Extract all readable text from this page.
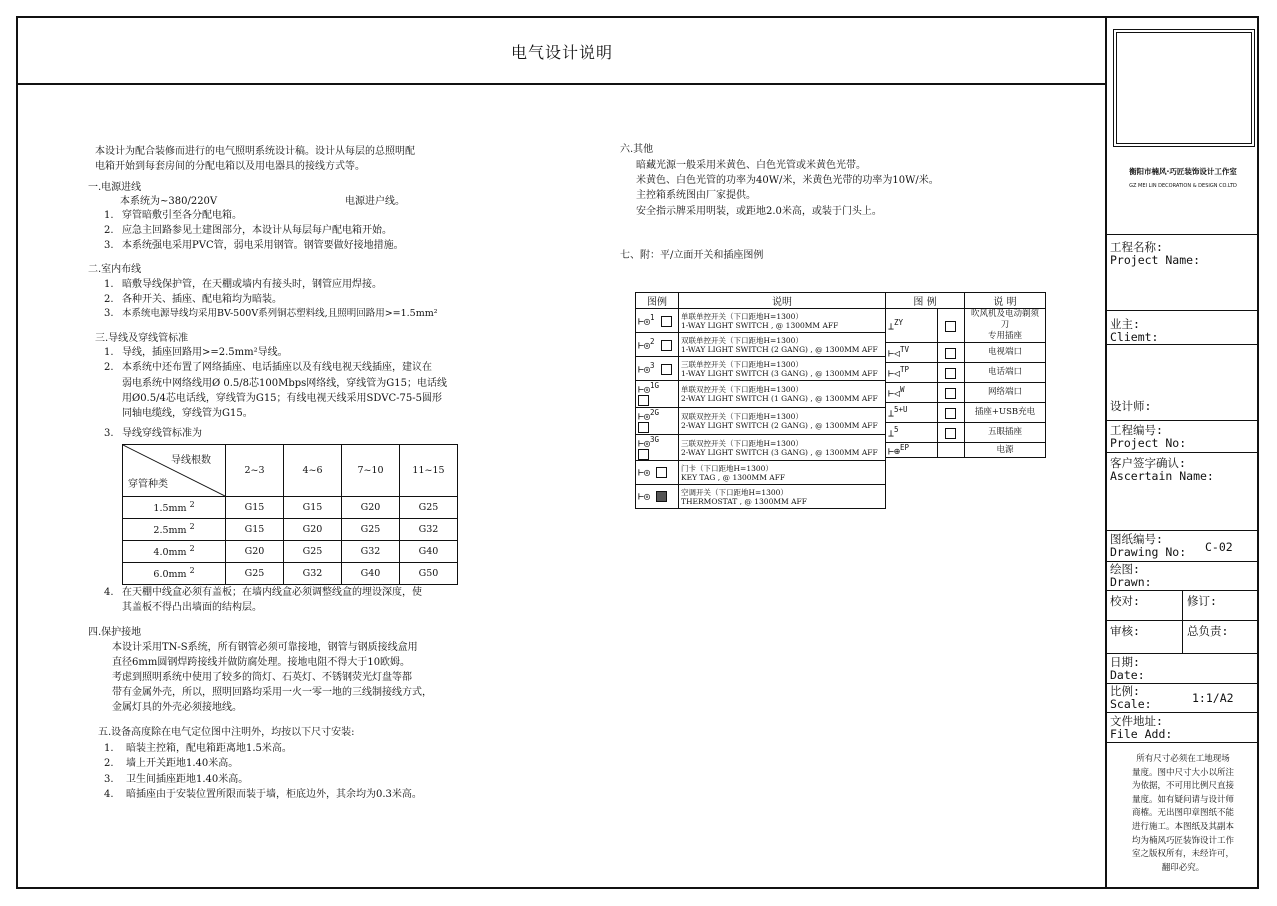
电气设计说明
本设计为配合装修而进行的电气照明系统设计稿。设计从每层的总照明配
电箱开始到每套房间的分配电箱以及用电器具的接线方式等。
一.电源进线
本系统为~380/220V	电源进户线。
1. 穿管暗敷引至各分配电箱。
2. 应急主回路参见土建图部分，本设计从每层每户配电箱开始。
3. 本系统强电采用PVC管，弱电采用钢管。钢管要做好接地措施。
二.室内布线
1. 暗敷导线保护管，在天棚或墙内有接头时，钢管应用焊接。
2. 各种开关、插座、配电箱均为暗装。
3. 本系统电源导线均采用BV-500V系列铜芯塑料线,且照明回路用>=1.5mm²
三.导线及穿线管标准
1. 导线，插座回路用>=2.5mm²导线。
2. 本系统中还布置了网络插座、电话插座以及有线电视天线插座，建议在
弱电系统中网络线用Ø 0.5/8芯100Mbps网络线，穿线管为G15；电话线
用Ø0.5/4芯电话线，穿线管为G15；有线电视天线采用SDVC-75-5圆形
同轴电缆线，穿线管为G15。
3. 导线穿线管标准为
导线根数
穿管种类	2~3	4~6	7~10	11~15
1.5mm $^2$	G15	G15	G20	G25
2.5mm $^2$	G15	G20	G25	G32
4.0mm $^2$	G20	G25	G32	G40
6.0mm $^2$	G25	G32	G40	G50
4. 在天棚中线盒必须有盖板；在墙内线盒必须调整线盒的埋设深度，使
其盖板不得凸出墙面的结构层。
四.保护接地
本设计采用TN-S系统，所有钢管必须可靠接地，钢管与钢质接线盒用
直径6mm圆钢焊跨接线并做防腐处理。接地电阻不得大于10欧姆。
考虑到照明系统中使用了较多的筒灯、石英灯、不锈钢荧光灯盘等都
带有金属外壳，所以，照明回路均采用一火一零一地的三线制接线方式，
金属灯具的外壳必须接地线。
五.设备高度除在电气定位图中注明外，均按以下尺寸安装:
1. 暗装主控箱，配电箱距离地1.5米高。
2. 墙上开关距地1.40米高。
3. 卫生间插座距地1.40米高。
4. 暗插座由于安装位置所限而装于墙，柜底边外，其余均为0.3米高。
六.其他
暗藏光源一般采用米黄色、白色光管或米黄色光带。
米黄色、白色光管的功率为40W/米，米黄色光带的功率为10W/米。
主控箱系统图由厂家提供。
安全指示牌采用明装，或距地2.0米高，或装于门头上。
七、附：平/立面开关和插座图例
图例	说明
⊢◎$^1$	单联单控开关（下口距地H=1300）
1-WAY LIGHT SWITCH , @ 1300MM AFF

⊢◎$^2$	双联单控开关（下口距地H=1300）
1-WAY LIGHT SWITCH (2 GANG) , @ 1300MM AFF

⊢◎$^3$	三联单控开关（下口距地H=1300）
1-WAY LIGHT SWITCH (3 GANG) , @ 1300MM AFF

⊢◎$^{1G}$	单联双控开关（下口距地H=1300）
2-WAY LIGHT SWITCH (1 GANG) , @ 1300MM AFF

⊢◎$^{2G}$	双联双控开关（下口距地H=1300）
2-WAY LIGHT SWITCH (2 GANG) , @ 1300MM AFF

⊢◎$^{3G}$	三联双控开关（下口距地H=1300）
2-WAY LIGHT SWITCH (3 GANG) , @ 1300MM AFF

⊢◎	门卡（下口距地H=1300）
KEY TAG , @ 1300MM AFF

⊢◎	空调开关（下口距地H=1300）
THERMOSTAT , @ 1300MM AFF
图 例		说 明
⊥$^{ZY}$		吹风机及电动剃须刀
专用插座

⊢◁$^{TV}$		电视端口
⊢◁$^{TP}$		电话端口
⊢◁$^W$		网络端口
⊥$^{5+U}$		插座+USB充电
⊥$^5$		五眼插座
⊢⊕$^{EP}$		电源
衡阳市楠风·巧匠装饰设计工作室
GZ MEI LIN DECORATION & DESIGN CO.LTD
工程名称:
Project Name:
业主:
Cliemt:
设计师:
工程编号:
Project No:
客户签字确认:
Ascertain Name:
图纸编号:
Drawing No: C-02
绘图:
Drawn:
校对:	修订:
审核:	总负责:
日期:
Date:
比例:
Scale:	1:1/A2
文件地址:
File Add:
所有尺寸必须在工地现场
量度。图中尺寸大小以所注
为依据，不可用比例尺直接
量度。如有疑问请与设计师
商榷。无出图印章图纸不能
进行施工。本图纸及其副本
均为楠风巧匠装饰设计工作
室之版权所有，未经许可，
翻印必究。
